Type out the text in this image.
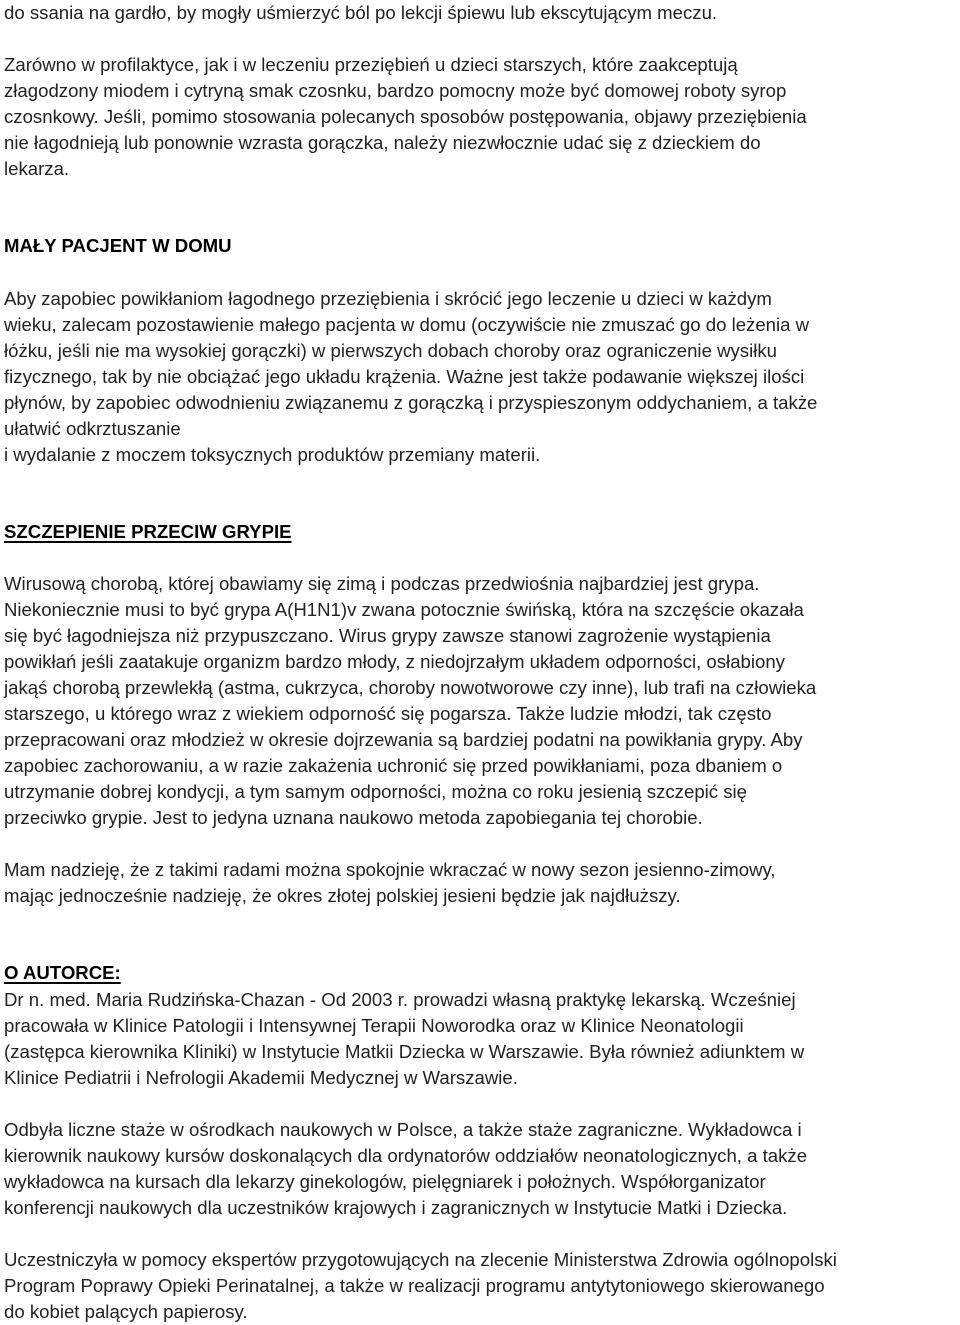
do ssania na gardło, by mogły uśmierzyć ból po lekcji śpiewu lub ekscytującym meczu.
Zarówno w profilaktyce, jak i w leczeniu przeziębień u dzieci starszych, które zaakceptują
złagodzony miodem i cytryną smak czosnku, bardzo pomocny może być domowej roboty syrop
czosnkowy. Jeśli, pomimo stosowania polecanych sposobów postępowania, objawy przeziębienia
nie łagodnieją lub ponownie wzrasta gorączka, należy niezwłocznie udać się z dzieckiem do
lekarza.
MAŁY PACJENT W DOMU
Aby zapobiec powikłaniom łagodnego przeziębienia i skrócić jego leczenie u dzieci w każdym
wieku, zalecam pozostawienie małego pacjenta w domu (oczywiście nie zmuszać go do leżenia w
łóżku, jeśli nie ma wysokiej gorączki) w pierwszych dobach choroby oraz ograniczenie wysiłku
fizycznego, tak by nie obciążać jego układu krążenia. Ważne jest także podawanie większej ilości
płynów, by zapobiec odwodnieniu związanemu z gorączką i przyspieszonym oddychaniem, a także
ułatwić odkrztuszanie
i wydalanie z moczem toksycznych produktów przemiany materii.
SZCZEPIENIE PRZECIW GRYPIE
Wirusową chorobą, której obawiamy się zimą i podczas przedwiośnia najbardziej jest grypa.
Niekoniecznie musi to być grypa A(H1N1)v zwana potocznie świńską, która na szczęście okazała
się być łagodniejsza niż przypuszczano. Wirus grypy zawsze stanowi zagrożenie wystąpienia
powikłań jeśli zaatakuje organizm bardzo młody, z niedojrzałym układem odporności, osłabiony
jakąś chorobą przewlekłą (astma, cukrzyca, choroby nowotworowe czy inne), lub trafi na człowieka
starszego, u którego wraz z wiekiem odporność się pogarsza. Także ludzie młodzi, tak często
przepracowani oraz młodzież w okresie dojrzewania są bardziej podatni na powikłania grypy. Aby
zapobiec zachorowaniu, a w razie zakażenia uchronić się przed powikłaniami, poza dbaniem o
utrzymanie dobrej kondycji, a tym samym odporności, można co roku jesienią szczepić się
przeciwko grypie. Jest to jedyna uznana naukowo metoda zapobiegania tej chorobie.
Mam nadzieję, że z takimi radami można spokojnie wkraczać w nowy sezon jesienno-zimowy,
mając jednocześnie nadzieję, że okres złotej polskiej jesieni będzie jak najdłuższy.
O AUTORCE:
Dr n. med. Maria Rudzińska-Chazan - Od 2003 r. prowadzi własną praktykę lekarską. Wcześniej
pracowała w Klinice Patologii i Intensywnej Terapii Noworodka oraz w Klinice Neonatologii
(zastępca kierownika Kliniki) w Instytucie Matkii Dziecka w Warszawie. Była również adiunktem w
Klinice Pediatrii i Nefrologii Akademii Medycznej w Warszawie.
Odbyła liczne staże w ośrodkach naukowych w Polsce, a także staże zagraniczne. Wykładowca i
kierownik naukowy kursów doskonalących dla ordynatorów oddziałów neonatologicznych, a także
wykładowca na kursach dla lekarzy ginekologów, pielęgniarek i położnych. Współorganizator
konferencji naukowych dla uczestników krajowych i zagranicznych w Instytucie Matki i Dziecka.
Uczestniczyła w pomocy ekspertów przygotowujących na zlecenie Ministerstwa Zdrowia ogólnopolski
Program Poprawy Opieki Perinatalnej, a także w realizacji programu antytytoniowego skierowanego
do kobiet palących papierosy.
